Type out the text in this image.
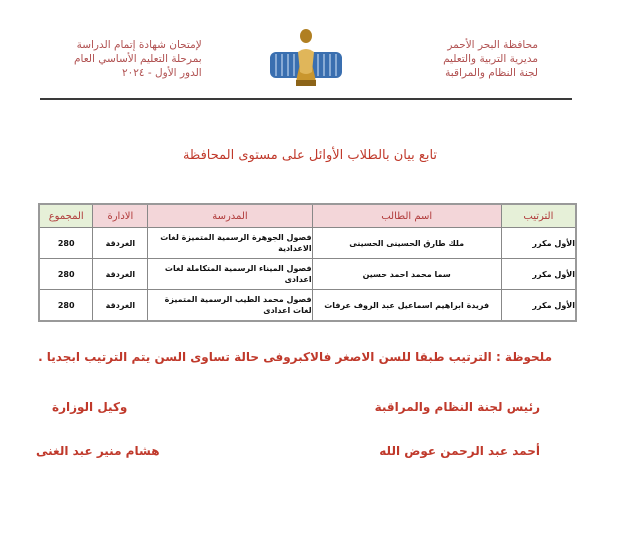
محافظة البحر الأحمر
مديرية التربية والتعليم
لجنة النظام والمراقبة
لإمتحان شهادة إتمام الدراسة
بمرحلة التعليم الأساسي العام
الدور الأول - ٢٠٢٤
تابع بيان بالطلاب الأوائل على مستوى المحافظة
الترتيب	اسم الطالب	المدرسة	الادارة	المجموع
الأول مكرر	ملك طارق الحسينى الحسينى	فصول الجوهرة الرسمية المتميزة لغات الاعدادية	الغردقة	280
الأول مكرر	سما محمد احمد حسين	فصول الميناء الرسمية المتكاملة لغات اعدادى	الغردقة	280
الأول مكرر	فريدة ابراهيم اسماعيل عبد الروف عرفات	فصول محمد الطيب الرسمية المتميزة لغات اعدادى	الغردقة	280
ملحوظة : الترتيب طبقا للسن الاصغر فالاكبروفى حالة تساوى السن يتم الترتيب ابجديا .
رئيس لجنة النظام والمراقبة
وكيل الوزارة
أحمد عبد الرحمن عوض الله
هشام منير عبد الغنى
